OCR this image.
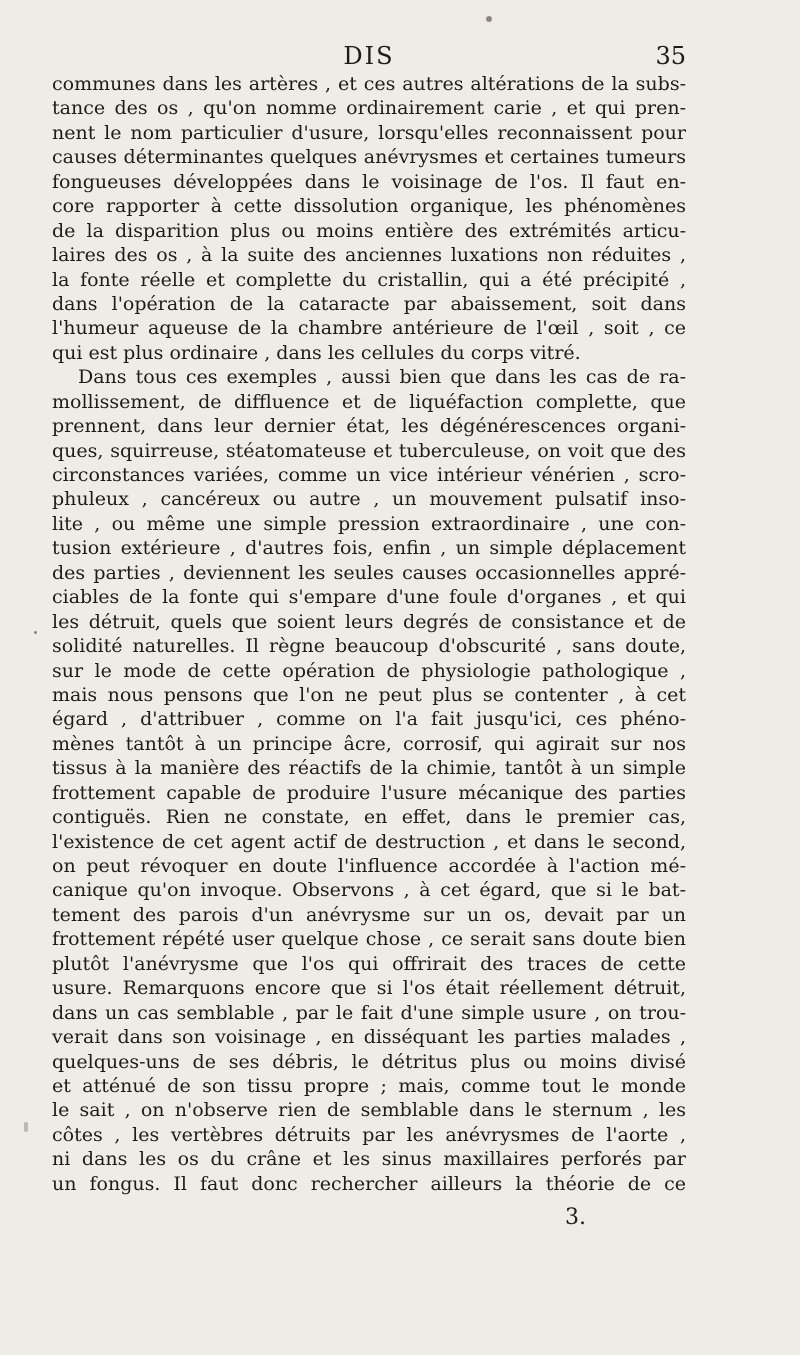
DIS	35
communes dans les artères , et ces autres altérations de la subs-
tance des os , qu'on nomme ordinairement carie , et qui pren-
nent le nom particulier d'usure, lorsqu'elles reconnaissent pour
causes déterminantes quelques anévrysmes et certaines tumeurs
fongueuses développées dans le voisinage de l'os. Il faut en-
core rapporter à cette dissolution organique, les phénomènes
de la disparition plus ou moins entière des extrémités articu-
laires des os , à la suite des anciennes luxations non réduites ,
la fonte réelle et complette du cristallin, qui a été précipité ,
dans l'opération de la cataracte par abaissement, soit dans
l'humeur aqueuse de la chambre antérieure de l'œil , soit , ce
qui est plus ordinaire , dans les cellules du corps vitré.
Dans tous ces exemples , aussi bien que dans les cas de ra-
mollissement, de diffluence et de liquéfaction complette, que
prennent, dans leur dernier état, les dégénérescences organi-
ques, squirreuse, stéatomateuse et tuberculeuse, on voit que des
circonstances variées, comme un vice intérieur vénérien , scro-
phuleux , cancéreux ou autre , un mouvement pulsatif inso-
lite , ou même une simple pression extraordinaire , une con-
tusion extérieure , d'autres fois, enfin , un simple déplacement
des parties , deviennent les seules causes occasionnelles appré-
ciables de la fonte qui s'empare d'une foule d'organes , et qui
les détruit, quels que soient leurs degrés de consistance et de
solidité naturelles. Il règne beaucoup d'obscurité , sans doute,
sur le mode de cette opération de physiologie pathologique ,
mais nous pensons que l'on ne peut plus se contenter , à cet
égard , d'attribuer , comme on l'a fait jusqu'ici, ces phéno-
mènes tantôt à un principe âcre, corrosif, qui agirait sur nos
tissus à la manière des réactifs de la chimie, tantôt à un simple
frottement capable de produire l'usure mécanique des parties
contiguës. Rien ne constate, en effet, dans le premier cas,
l'existence de cet agent actif de destruction , et dans le second,
on peut révoquer en doute l'influence accordée à l'action mé-
canique qu'on invoque. Observons , à cet égard, que si le bat-
tement des parois d'un anévrysme sur un os, devait par un
frottement répété user quelque chose , ce serait sans doute bien
plutôt l'anévrysme que l'os qui offrirait des traces de cette
usure. Remarquons encore que si l'os était réellement détruit,
dans un cas semblable , par le fait d'une simple usure , on trou-
verait dans son voisinage , en disséquant les parties malades ,
quelques-uns de ses débris, le détritus plus ou moins divisé
et atténué de son tissu propre ; mais, comme tout le monde
le sait , on n'observe rien de semblable dans le sternum , les
côtes , les vertèbres détruits par les anévrysmes de l'aorte ,
ni dans les os du crâne et les sinus maxillaires perforés par
un fongus. Il faut donc rechercher ailleurs la théorie de ce
3.
